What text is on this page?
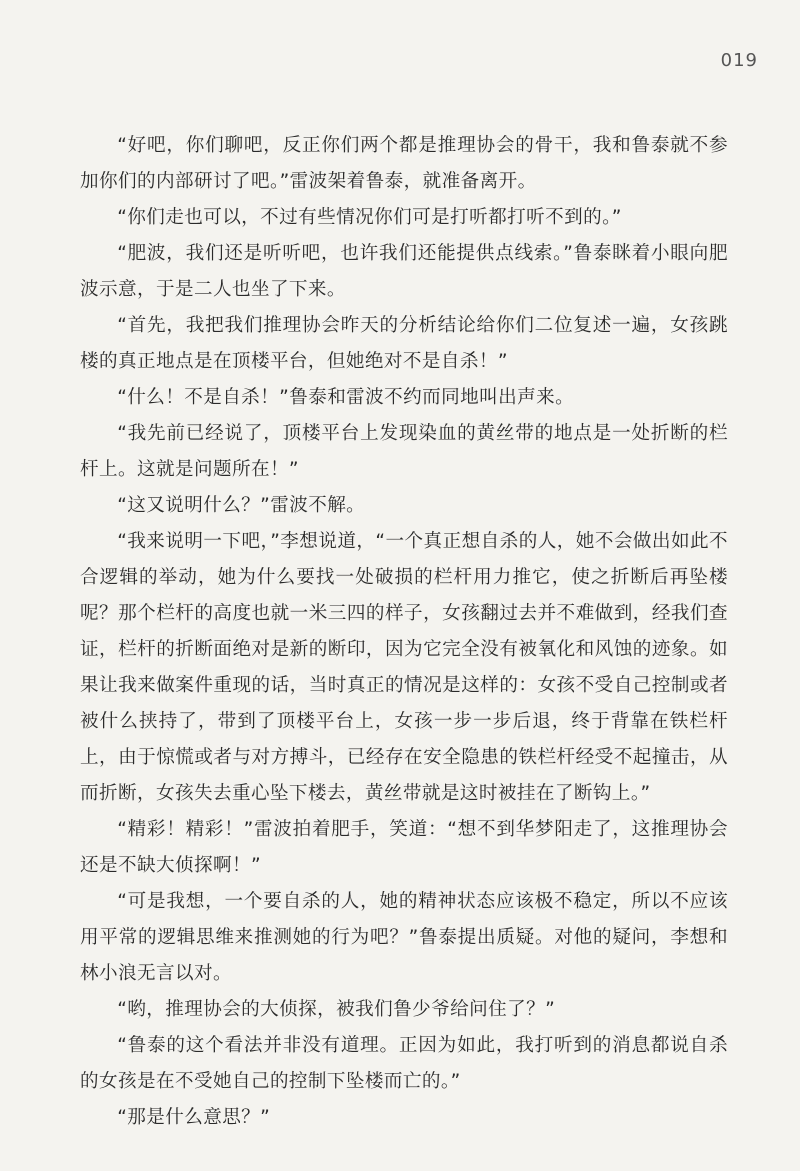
019

“好吧，你们聊吧，反正你们两个都是推理协会的骨干，我和鲁泰就不参加你们的内部研讨了吧。”雷波架着鲁泰，就准备离开。

“你们走也可以，不过有些情况你们可是打听都打听不到的。”

“肥波，我们还是听听吧，也许我们还能提供点线索。”鲁泰眯着小眼向肥波示意，于是二人也坐了下来。

“首先，我把我们推理协会昨天的分析结论给你们二位复述一遍，女孩跳楼的真正地点是在顶楼平台，但她绝对不是自杀！”

“什么！不是自杀！”鲁泰和雷波不约而同地叫出声来。

“我先前已经说了，顶楼平台上发现染血的黄丝带的地点是一处折断的栏杆上。这就是问题所在！”

“这又说明什么？”雷波不解。

“我来说明一下吧，”李想说道，“一个真正想自杀的人，她不会做出如此不合逻辑的举动，她为什么要找一处破损的栏杆用力推它，使之折断后再坠楼呢？那个栏杆的高度也就一米三四的样子，女孩翻过去并不难做到，经我们查证，栏杆的折断面绝对是新的断印，因为它完全没有被氧化和风蚀的迹象。如果让我来做案件重现的话，当时真正的情况是这样的：女孩不受自己控制或者被什么挟持了，带到了顶楼平台上，女孩一步一步后退，终于背靠在铁栏杆上，由于惊慌或者与对方搏斗，已经存在安全隐患的铁栏杆经受不起撞击，从而折断，女孩失去重心坠下楼去，黄丝带就是这时被挂在了断钩上。”

“精彩！精彩！”雷波拍着肥手，笑道：“想不到华梦阳走了，这推理协会还是不缺大侦探啊！”

“可是我想，一个要自杀的人，她的精神状态应该极不稳定，所以不应该用平常的逻辑思维来推测她的行为吧？”鲁泰提出质疑。对他的疑问，李想和林小浪无言以对。

“哟，推理协会的大侦探，被我们鲁少爷给问住了？”

“鲁泰的这个看法并非没有道理。正因为如此，我打听到的消息都说自杀的女孩是在不受她自己的控制下坠楼而亡的。”

“那是什么意思？”
